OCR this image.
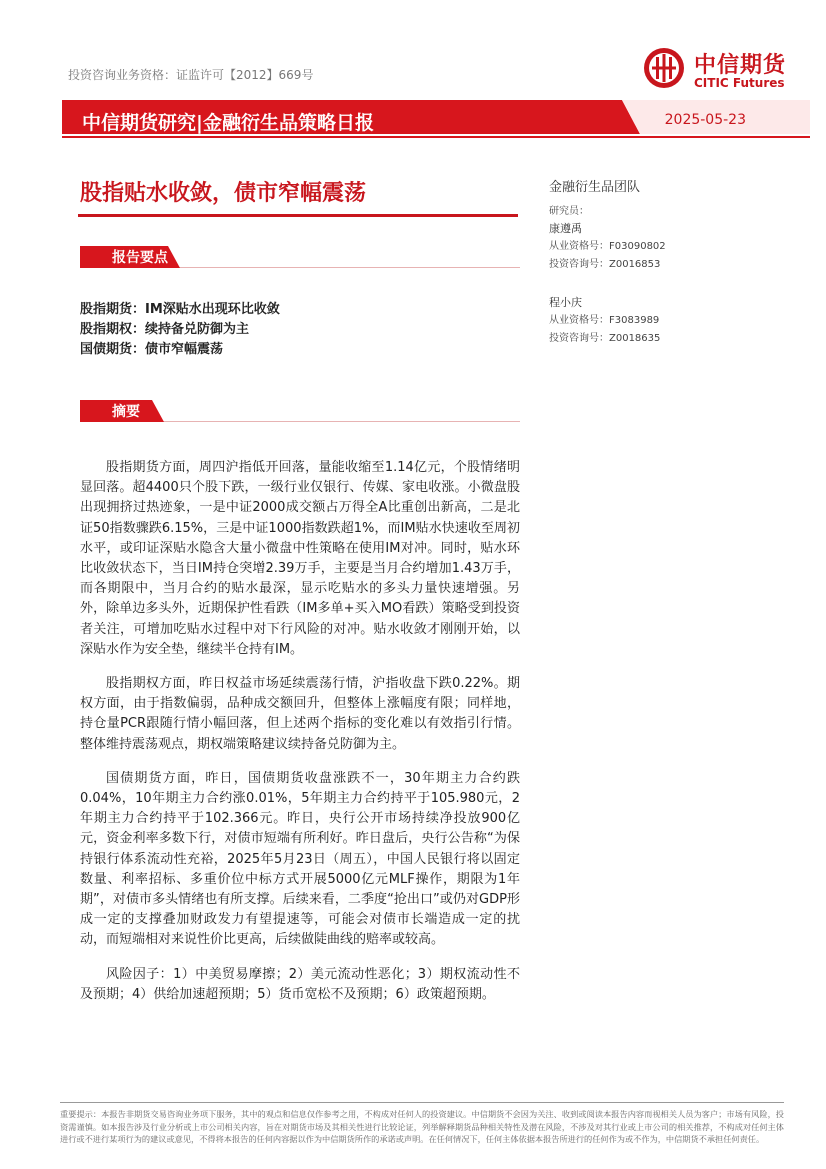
投资咨询业务资格：证监许可【2012】669号	中信期货
CITIC Futures
中信期货研究|金融衍生品策略日报	2025-05-23
股指贴水收敛，债市窄幅震荡
报告要点
股指期货：IM深贴水出现环比收敛
股指期权：续持备兑防御为主
国债期货：债市窄幅震荡
摘要

股指期货方面，周四沪指低开回落，量能收缩至1.14亿元，个股情绪明显回落。超4400只个股下跌，一级行业仅银行、传媒、家电收涨。小微盘股出现拥挤过热迹象，一是中证2000成交额占万得全A比重创出新高，二是北证50指数骤跌6.15%，三是中证1000指数跌超1%，而IM贴水快速收至周初水平，或印证深贴水隐含大量小微盘中性策略在使用IM对冲。同时，贴水环比收敛状态下，当日IM持仓突增2.39万手，主要是当月合约增加1.43万手，而各期限中，当月合约的贴水最深，显示吃贴水的多头力量快速增强。另外，除单边多头外，近期保护性看跌（IM多单+买入MO看跌）策略受到投资者关注，可增加吃贴水过程中对下行风险的对冲。贴水收敛才刚刚开始，以深贴水作为安全垫，继续半仓持有IM。

股指期权方面，昨日权益市场延续震荡行情，沪指收盘下跌0.22%。期权方面，由于指数偏弱，品种成交额回升，但整体上涨幅度有限；同样地，持仓量PCR跟随行情小幅回落，但上述两个指标的变化难以有效指引行情。整体维持震荡观点，期权端策略建议续持备兑防御为主。

国债期货方面，昨日，国债期货收盘涨跌不一，30年期主力合约跌0.04%，10年期主力合约涨0.01%，5年期主力合约持平于105.980元，2年期主力合约持平于102.366元。昨日，央行公开市场持续净投放900亿元，资金利率多数下行，对债市短端有所利好。昨日盘后，央行公告称“为保持银行体系流动性充裕，2025年5月23日（周五），中国人民银行将以固定数量、利率招标、多重价位中标方式开展5000亿元MLF操作，期限为1年期”，对债市多头情绪也有所支撑。后续来看，二季度“抢出口”或仍对GDP形成一定的支撑叠加财政发力有望提速等，可能会对债市长端造成一定的扰动，而短端相对来说性价比更高，后续做陡曲线的赔率或较高。

风险因子：1）中美贸易摩擦；2）美元流动性恶化；3）期权流动性不及预期；4）供给加速超预期；5）货币宽松不及预期；6）政策超预期。

金融衍生品团队
研究员：
康遵禹
从业资格号：F03090802
投资咨询号：Z0016853
程小庆
从业资格号：F3083989
投资咨询号：Z0018635
重要提示：本报告非期货交易咨询业务项下服务，其中的观点和信息仅作参考之用，不构成对任何人的投资建议。中信期货不会因为关注、收到或阅读本报告内容而视相关人员为客户；市场有风险，投资需谨慎。如本报告涉及行业分析或上市公司相关内容，旨在对期货市场及其相关性进行比较论证，列举解释期货品种相关特性及潜在风险，不涉及对其行业或上市公司的相关推荐，不构成对任何主体进行或不进行某项行为的建议或意见，不得将本报告的任何内容据以作为中信期货所作的承诺或声明。在任何情况下，任何主体依据本报告所进行的任何作为或不作为，中信期货不承担任何责任。
